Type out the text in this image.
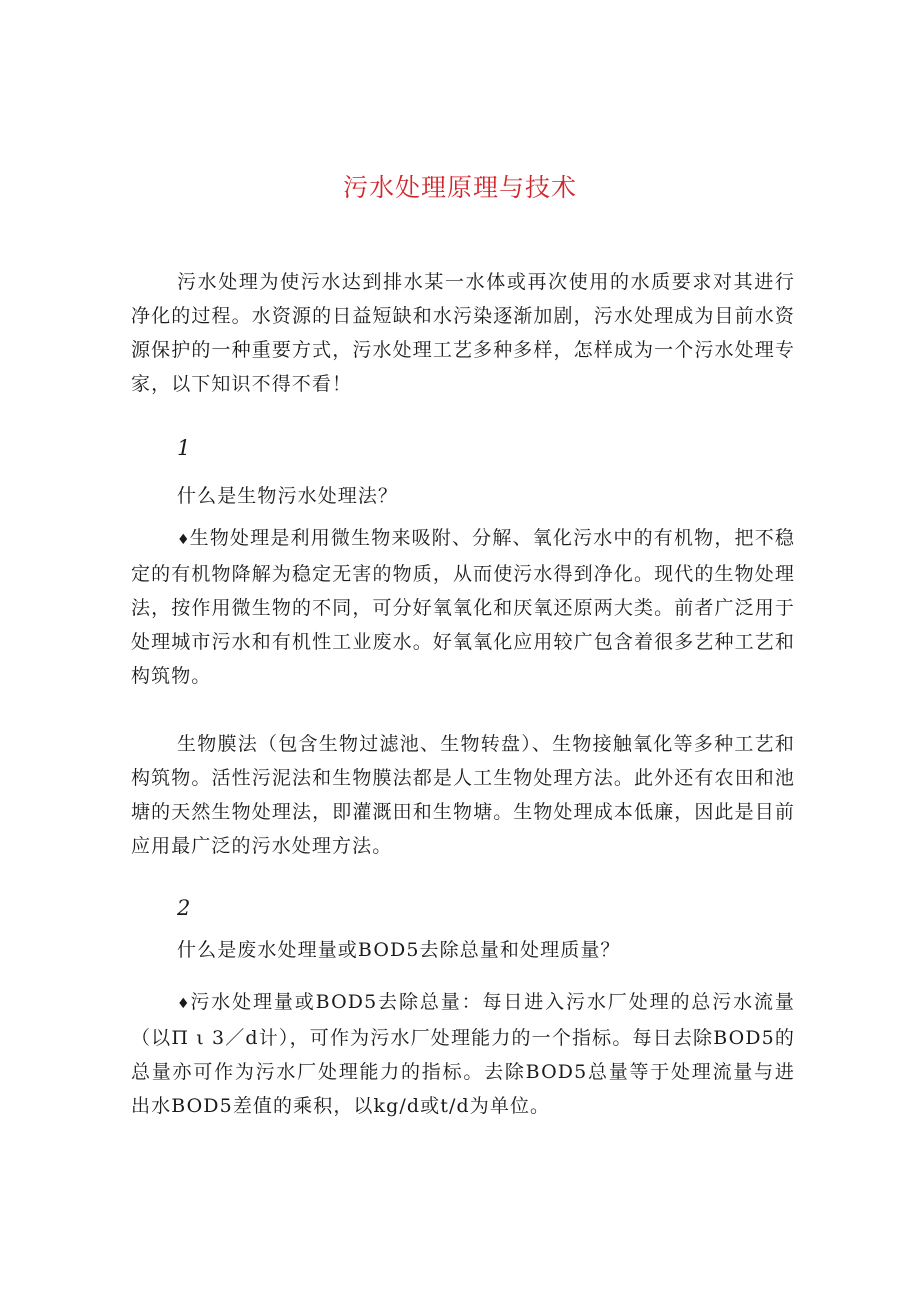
污水处理原理与技术
污水处理为使污水达到排水某一水体或再次使用的水质要求对其进行净化的过程。水资源的日益短缺和水污染逐渐加剧，污水处理成为目前水资源保护的一种重要方式，污水处理工艺多种多样，怎样成为一个污水处理专家，以下知识不得不看！
1
什么是生物污水处理法？
♦生物处理是利用微生物来吸附、分解、氧化污水中的有机物，把不稳定的有机物降解为稳定无害的物质，从而使污水得到净化。现代的生物处理法，按作用微生物的不同，可分好氧氧化和厌氧还原两大类。前者广泛用于处理城市污水和有机性工业废水。好氧氧化应用较广包含着很多艺种工艺和构筑物。
生物膜法（包含生物过滤池、生物转盘）、生物接触氧化等多种工艺和构筑物。活性污泥法和生物膜法都是人工生物处理方法。此外还有农田和池塘的天然生物处理法，即灌溉田和生物塘。生物处理成本低廉，因此是目前应用最广泛的污水处理方法。
2
什么是废水处理量或BOD5去除总量和处理质量？
♦污水处理量或BOD5去除总量：每日进入污水厂处理的总污水流量（以Π ι 3／d计），可作为污水厂处理能力的一个指标。每日去除BOD5的总量亦可作为污水厂处理能力的指标。去除BOD5总量等于处理流量与进出水BOD5差值的乘积，以kg/d或t/d为单位。
